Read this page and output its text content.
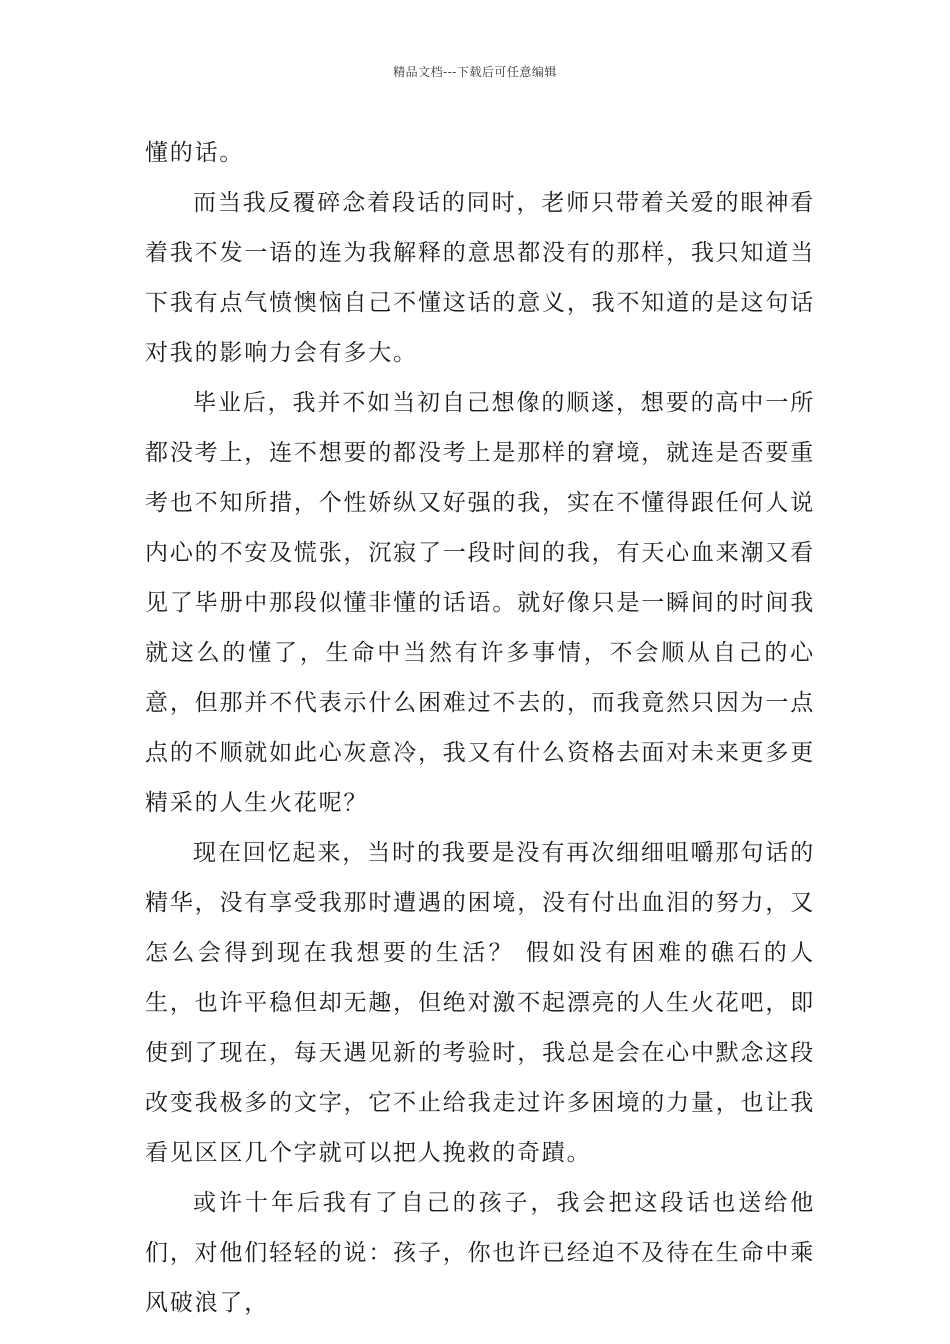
精品文档---下载后可任意编辑

懂的话。

而当我反覆碎念着段话的同时，老师只带着关爱的眼神看着我不发一语的连为我解释的意思都没有的那样，我只知道当下我有点气愤懊恼自己不懂这话的意义，我不知道的是这句话对我的影响力会有多大。

毕业后，我并不如当初自己想像的顺遂，想要的高中一所都没考上，连不想要的都没考上是那样的窘境，就连是否要重考也不知所措，个性娇纵又好强的我，实在不懂得跟任何人说内心的不安及慌张，沉寂了一段时间的我，有天心血来潮又看见了毕册中那段似懂非懂的话语。就好像只是一瞬间的时间我就这么的懂了，生命中当然有许多事情，不会顺从自己的心意，但那并不代表示什么困难过不去的，而我竟然只因为一点点的不顺就如此心灰意冷，我又有什么资格去面对未来更多更精采的人生火花呢？

现在回忆起来，当时的我要是没有再次细细咀嚼那句话的精华，没有享受我那时遭遇的困境，没有付出血泪的努力，又怎么会得到现在我想要的生活？ 假如没有困难的礁石的人生，也许平稳但却无趣，但绝对激不起漂亮的人生火花吧，即使到了现在，每天遇见新的考验时，我总是会在心中默念这段改变我极多的文字，它不止给我走过许多困境的力量，也让我看见区区几个字就可以把人挽救的奇蹟。

或许十年后我有了自己的孩子，我会把这段话也送给他们，对他们轻轻的说：孩子，你也许已经迫不及待在生命中乘风破浪了，
